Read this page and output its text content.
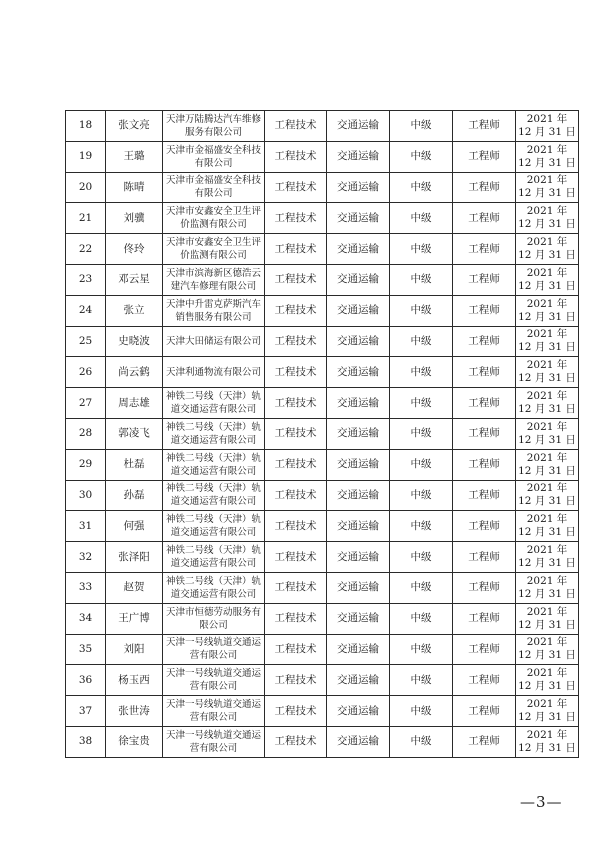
18	张文亮	天津万陆腾达汽车维修服务有限公司	工程技术	交通运输	中级	工程师	2021 年
12 月 31 日

19	王璐	天津市金福盛安全科技有限公司	工程技术	交通运输	中级	工程师	2021 年
12 月 31 日

20	陈晴	天津市金福盛安全科技有限公司	工程技术	交通运输	中级	工程师	2021 年
12 月 31 日

21	刘骥	天津市安鑫安全卫生评价监测有限公司	工程技术	交通运输	中级	工程师	2021 年
12 月 31 日

22	佟玲	天津市安鑫安全卫生评价监测有限公司	工程技术	交通运输	中级	工程师	2021 年
12 月 31 日

23	邓云星	天津市滨海新区德浩云建汽车修理有限公司	工程技术	交通运输	中级	工程师	2021 年
12 月 31 日

24	张立	天津中升雷克萨斯汽车销售服务有限公司	工程技术	交通运输	中级	工程师	2021 年
12 月 31 日

25	史晓波	天津大田储运有限公司	工程技术	交通运输	中级	工程师	2021 年
12 月 31 日

26	尚云鹤	天津利通物流有限公司	工程技术	交通运输	中级	工程师	2021 年
12 月 31 日

27	周志雄	神铁二号线（天津）轨道交通运营有限公司	工程技术	交通运输	中级	工程师	2021 年
12 月 31 日

28	郭凌飞	神铁二号线（天津）轨道交通运营有限公司	工程技术	交通运输	中级	工程师	2021 年
12 月 31 日

29	杜磊	神铁二号线（天津）轨道交通运营有限公司	工程技术	交通运输	中级	工程师	2021 年
12 月 31 日

30	孙磊	神铁二号线（天津）轨道交通运营有限公司	工程技术	交通运输	中级	工程师	2021 年
12 月 31 日

31	何强	神铁二号线（天津）轨道交通运营有限公司	工程技术	交通运输	中级	工程师	2021 年
12 月 31 日

32	张泽阳	神铁二号线（天津）轨道交通运营有限公司	工程技术	交通运输	中级	工程师	2021 年
12 月 31 日

33	赵贺	神铁二号线（天津）轨道交通运营有限公司	工程技术	交通运输	中级	工程师	2021 年
12 月 31 日

34	王广博	天津市恒德劳动服务有限公司	工程技术	交通运输	中级	工程师	2021 年
12 月 31 日

35	刘阳	天津一号线轨道交通运营有限公司	工程技术	交通运输	中级	工程师	2021 年
12 月 31 日

36	杨玉西	天津一号线轨道交通运营有限公司	工程技术	交通运输	中级	工程师	2021 年
12 月 31 日

37	张世涛	天津一号线轨道交通运营有限公司	工程技术	交通运输	中级	工程师	2021 年
12 月 31 日

38	徐宝贵	天津一号线轨道交通运营有限公司	工程技术	交通运输	中级	工程师	2021 年
12 月 31 日
—3—
